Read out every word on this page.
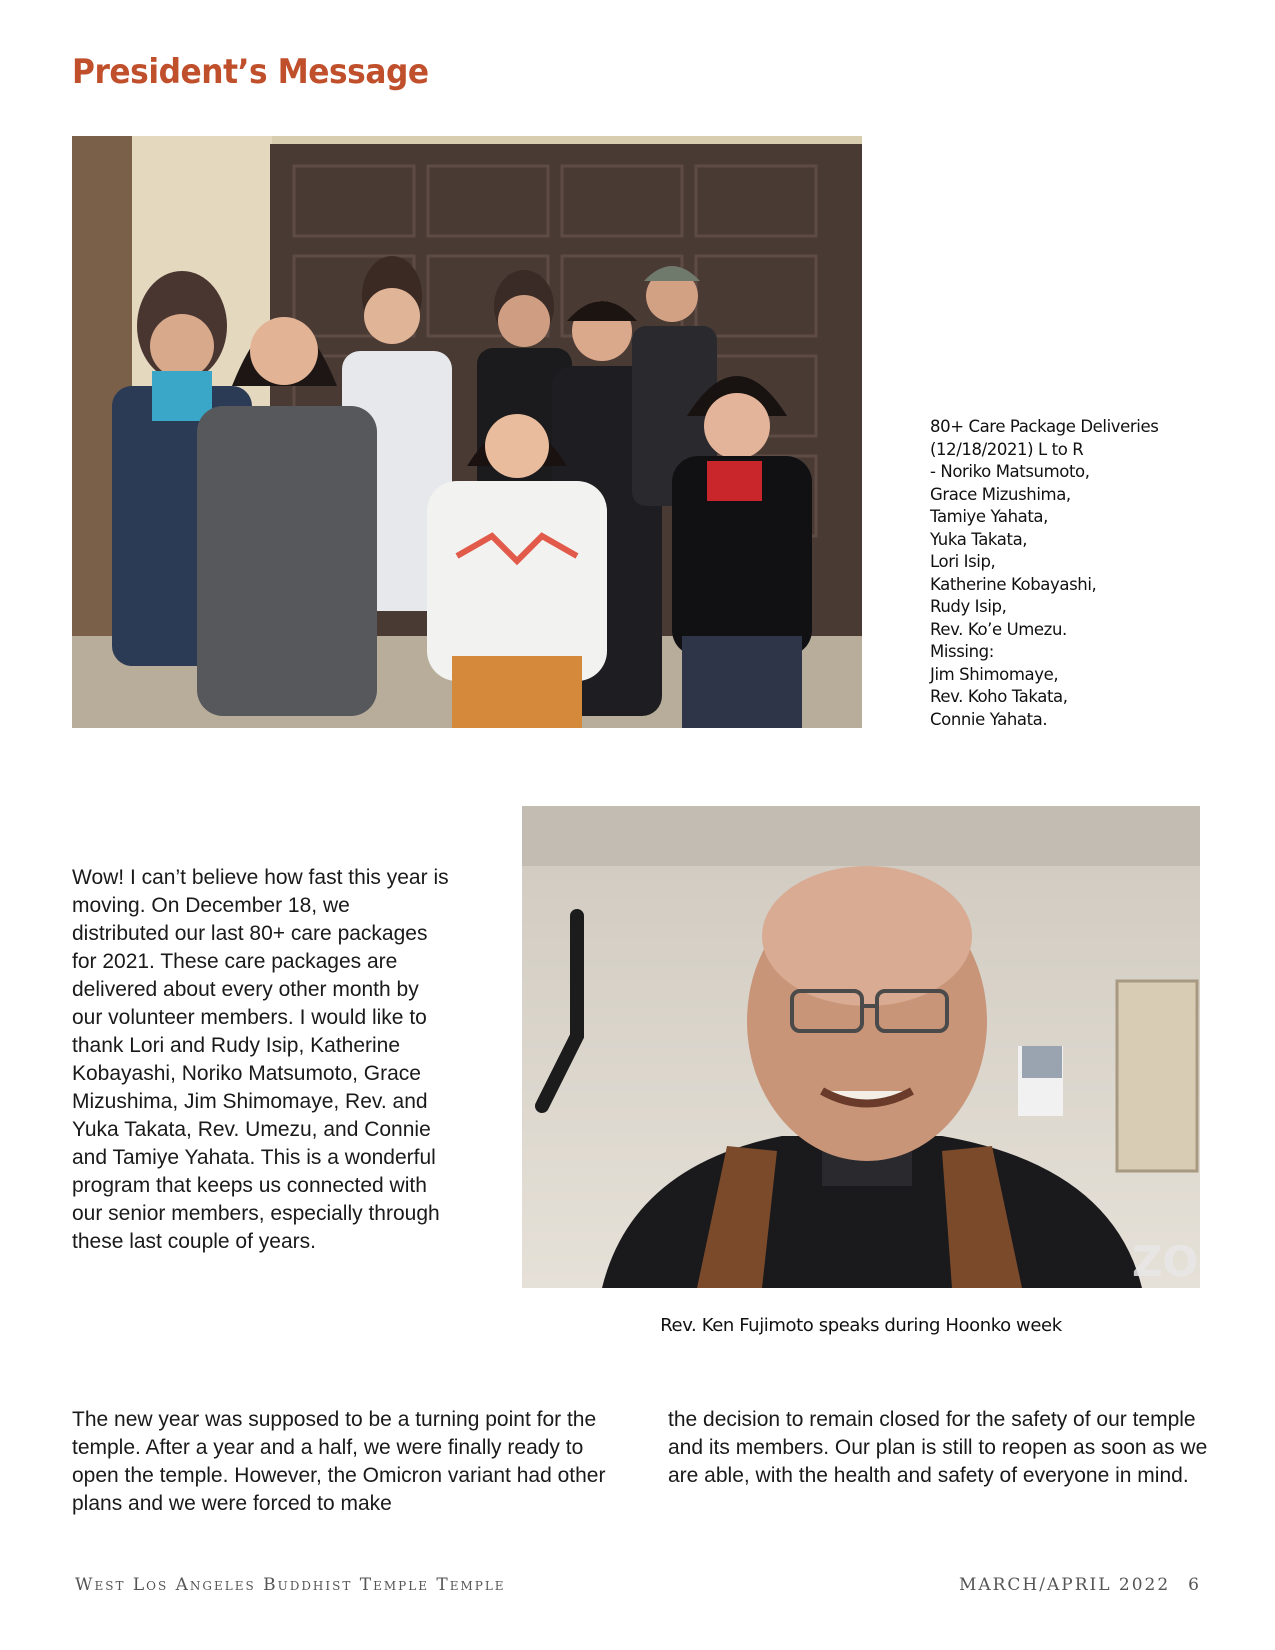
President’s Message
80+ Care Package Deliveries
(12/18/2021) L to R
- Noriko Matsumoto,
Grace Mizushima,
Tamiye Yahata,
Yuka Takata,
Lori Isip,
Katherine Kobayashi,
Rudy Isip,
Rev. Ko’e Umezu.
Missing:
Jim Shimomaye,
Rev. Koho Takata,
Connie Yahata.

Wow! I can’t believe how fast this year is moving. On December 18, we distributed our last 80+ care packages for 2021. These care packages are delivered about every other month by our volunteer members. I would like to thank Lori and Rudy Isip, Katherine Kobayashi, Noriko Matsumoto, Grace Mizushima, Jim Shimomaye, Rev. and Yuka Takata, Rev. Umezu, and Connie and Tamiye Yahata. This is a wonderful program that keeps us connected with our senior members, especially through these last couple of years.	ZO
Rev. Ken Fujimoto speaks during Hoonko week

The new year was supposed to be a turning point for the temple. After a year and a half, we were finally ready to open the temple. However, the Omicron variant had other plans and we were forced to make

the decision to remain closed for the safety of our temple and its members. Our plan is still to reopen as soon as we are able, with the health and safety of everyone in mind.

West Los Angeles Buddhist Temple Temple	MARCH/APRIL 2022 6
